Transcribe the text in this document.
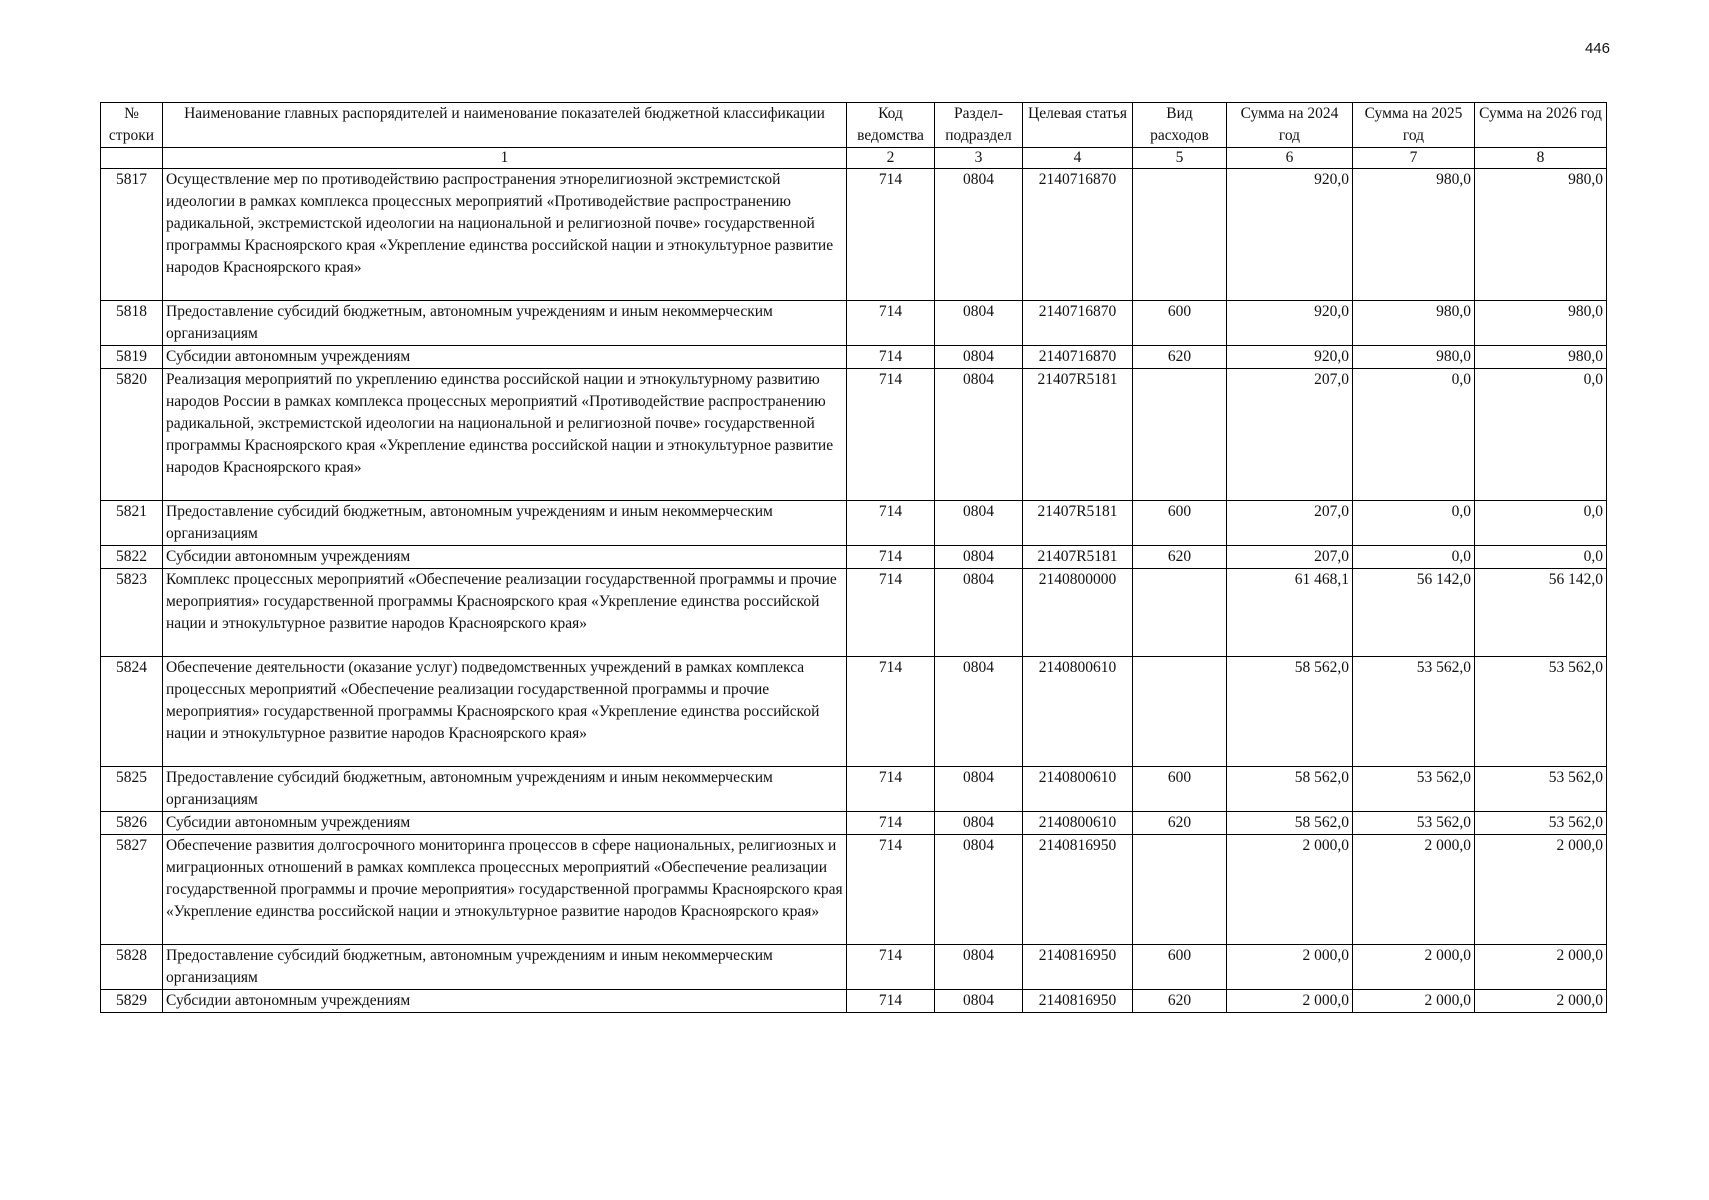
446
№ строки	Наименование главных распорядителей и наименование показателей бюджетной классификации	Код ведомства	Раздел-подраздел	Целевая статья	Вид расходов	Сумма на 2024 год	Сумма на 2025 год	Сумма на 2026 год
	1	2	3	4	5	6	7	8
5817	Осуществление мер по противодействию распространения этнорелигиозной экстремистской идеологии в рамках комплекса процессных мероприятий «Противодействие распространению радикальной, экстремистской идеологии на национальной и религиозной почве» государственной программы Красноярского края «Укрепление единства российской нации и этнокультурное развитие народов Красноярского края»	714	0804	2140716870		920,0	980,0	980,0
5818	Предоставление субсидий бюджетным, автономным учреждениям и иным некоммерческим организациям	714	0804	2140716870	600	920,0	980,0	980,0
5819	Субсидии автономным учреждениям	714	0804	2140716870	620	920,0	980,0	980,0
5820	Реализация мероприятий по укреплению единства российской нации и этнокультурному развитию народов России в рамках комплекса процессных мероприятий «Противодействие распространению радикальной, экстремистской идеологии на национальной и религиозной почве» государственной программы Красноярского края «Укрепление единства российской нации и этнокультурное развитие народов Красноярского края»	714	0804	21407R5181		207,0	0,0	0,0
5821	Предоставление субсидий бюджетным, автономным учреждениям и иным некоммерческим организациям	714	0804	21407R5181	600	207,0	0,0	0,0
5822	Субсидии автономным учреждениям	714	0804	21407R5181	620	207,0	0,0	0,0
5823	Комплекс процессных мероприятий «Обеспечение реализации государственной программы и прочие мероприятия» государственной программы Красноярского края «Укрепление единства российской нации и этнокультурное развитие народов Красноярского края»	714	0804	2140800000		61 468,1	56 142,0	56 142,0
5824	Обеспечение деятельности (оказание услуг) подведомственных учреждений в рамках комплекса процессных мероприятий «Обеспечение реализации государственной программы и прочие мероприятия» государственной программы Красноярского края «Укрепление единства российской нации и этнокультурное развитие народов Красноярского края»	714	0804	2140800610		58 562,0	53 562,0	53 562,0
5825	Предоставление субсидий бюджетным, автономным учреждениям и иным некоммерческим организациям	714	0804	2140800610	600	58 562,0	53 562,0	53 562,0
5826	Субсидии автономным учреждениям	714	0804	2140800610	620	58 562,0	53 562,0	53 562,0
5827	Обеспечение развития долгосрочного мониторинга процессов в сфере национальных, религиозных и миграционных отношений в рамках комплекса процессных мероприятий «Обеспечение реализации государственной программы и прочие мероприятия» государственной программы Красноярского края «Укрепление единства российской нации и этнокультурное развитие народов Красноярского края»	714	0804	2140816950		2 000,0	2 000,0	2 000,0
5828	Предоставление субсидий бюджетным, автономным учреждениям и иным некоммерческим организациям	714	0804	2140816950	600	2 000,0	2 000,0	2 000,0
5829	Субсидии автономным учреждениям	714	0804	2140816950	620	2 000,0	2 000,0	2 000,0
